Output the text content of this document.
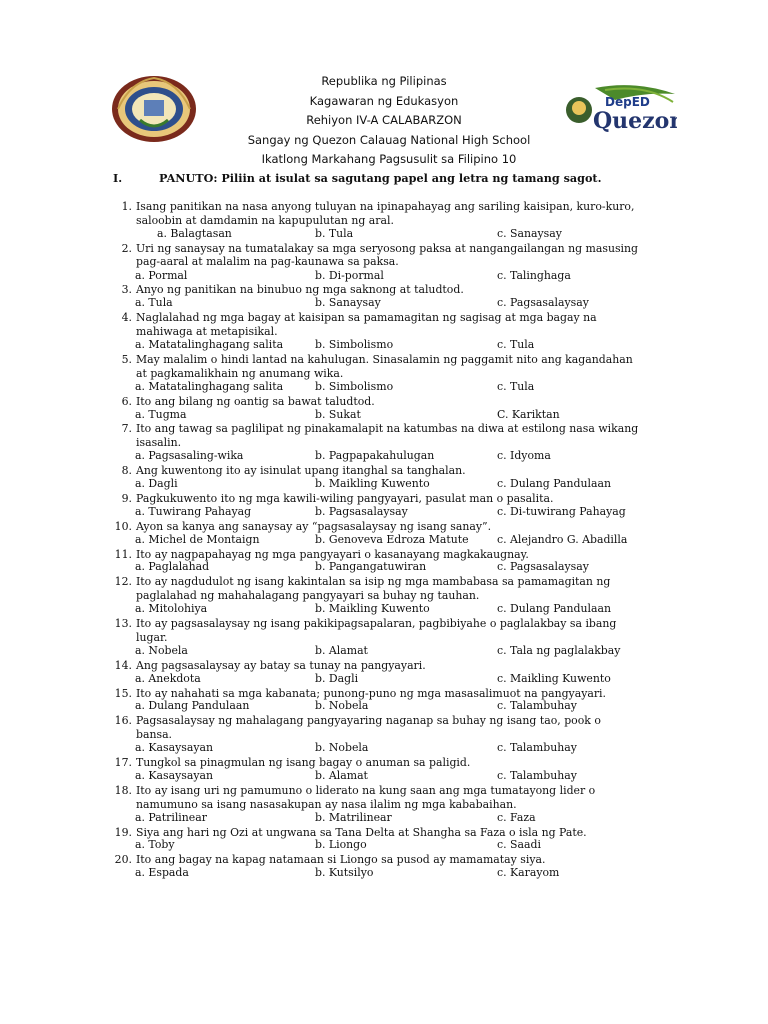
DepED
Quezon
Republika ng Pilipinas
Kagawaran ng Edukasyon
Rehiyon IV-A CALABARZON
Sangay ng Quezon Calauag National High School
Ikatlong Markahang Pagsusulit sa Filipino 10
I.	PANUTO: Piliin at isulat sa sagutang papel ang letra ng tamang sagot.
1. Isang panitikan na nasa anyong tuluyan na ipinapahayag ang sariling kaisipan, kuro-kuro,
saloobin at damdamin na kapupulutan ng aral.
a. Balagtasan	b. Tula	c. Sanaysay
2. Uri ng sanaysay na tumatalakay sa mga seryosong paksa at nangangailangan ng masusing
pag-aaral at malalim na pag-kaunawa sa paksa.
a. Pormal	b. Di-pormal	c. Talinghaga
3. Anyo ng panitikan na binubuo ng mga saknong at taludtod.
a. Tula	b. Sanaysay	c. Pagsasalaysay
4. Naglalahad ng mga bagay at kaisipan sa pamamagitan ng sagisag at mga bagay na
mahiwaga at metapisikal.
a. Matatalinghagang salita	b. Simbolismo	c. Tula
5. May malalim o hindi lantad na kahulugan. Sinasalamin ng paggamit nito ang kagandahan
at pagkamalikhain ng anumang wika.
a. Matatalinghagang salita	b. Simbolismo	c. Tula
6. Ito ang bilang ng oantig sa bawat taludtod.
a. Tugma	b. Sukat	C. Kariktan
7. Ito ang tawag sa paglilipat ng pinakamalapit na katumbas na diwa at estilong nasa wikang
isasalin.
a. Pagsasaling-wika	b. Pagpapakahulugan	c. Idyoma
8. Ang kuwentong ito ay isinulat upang itanghal sa tanghalan.
a. Dagli	b. Maikling Kuwento	c. Dulang Pandulaan
9. Pagkukuwento ito ng mga kawili-wiling pangyayari, pasulat man o pasalita.
a. Tuwirang Pahayag	b. Pagsasalaysay	c. Di-tuwirang Pahayag
10. Ayon sa kanya ang sanaysay ay “pagsasalaysay ng isang sanay”.
a. Michel de Montaign	b. Genoveva Edroza Matute	c. Alejandro G. Abadilla
11. Ito ay nagpapahayag ng mga pangyayari o kasanayang magkakaugnay.
a. Paglalahad	b. Pangangatuwiran	c. Pagsasalaysay
12. Ito ay nagdudulot ng isang kakintalan sa isip ng mga mambabasa sa pamamagitan ng
paglalahad ng mahahalagang pangyayari sa buhay ng tauhan.
a. Mitolohiya	b. Maikling Kuwento	c. Dulang Pandulaan
13. Ito ay pagsasalaysay ng isang pakikipagsapalaran, pagbibiyahe o paglalakbay sa ibang
lugar.
a. Nobela	b. Alamat	c. Tala ng paglalakbay
14. Ang pagsasalaysay ay batay sa tunay na pangyayari.
a. Anekdota	b. Dagli	c. Maikling Kuwento
15. Ito ay nahahati sa mga kabanata; punong-puno ng mga masasalimuot na pangyayari.
a. Dulang Pandulaan	b. Nobela	c. Talambuhay
16. Pagsasalaysay ng mahalagang pangyayaring naganap sa buhay ng isang tao, pook o
bansa.
a. Kasaysayan	b. Nobela	c. Talambuhay
17. Tungkol sa pinagmulan ng isang bagay o anuman sa paligid.
a. Kasaysayan	b. Alamat	c. Talambuhay
18. Ito ay isang uri ng pamumuno o liderato na kung saan ang mga tumatayong lider o
namumuno sa isang nasasakupan ay nasa ilalim ng mga kababaihan.
a. Patrilinear	b. Matrilinear	c. Faza
19. Siya ang hari ng Ozi at ungwana sa Tana Delta at Shangha sa Faza o isla ng Pate.
a. Toby	b. Liongo	c. Saadi
20. Ito ang bagay na kapag natamaan si Liongo sa pusod ay mamamatay siya.
a. Espada	b. Kutsilyo	c. Karayom
